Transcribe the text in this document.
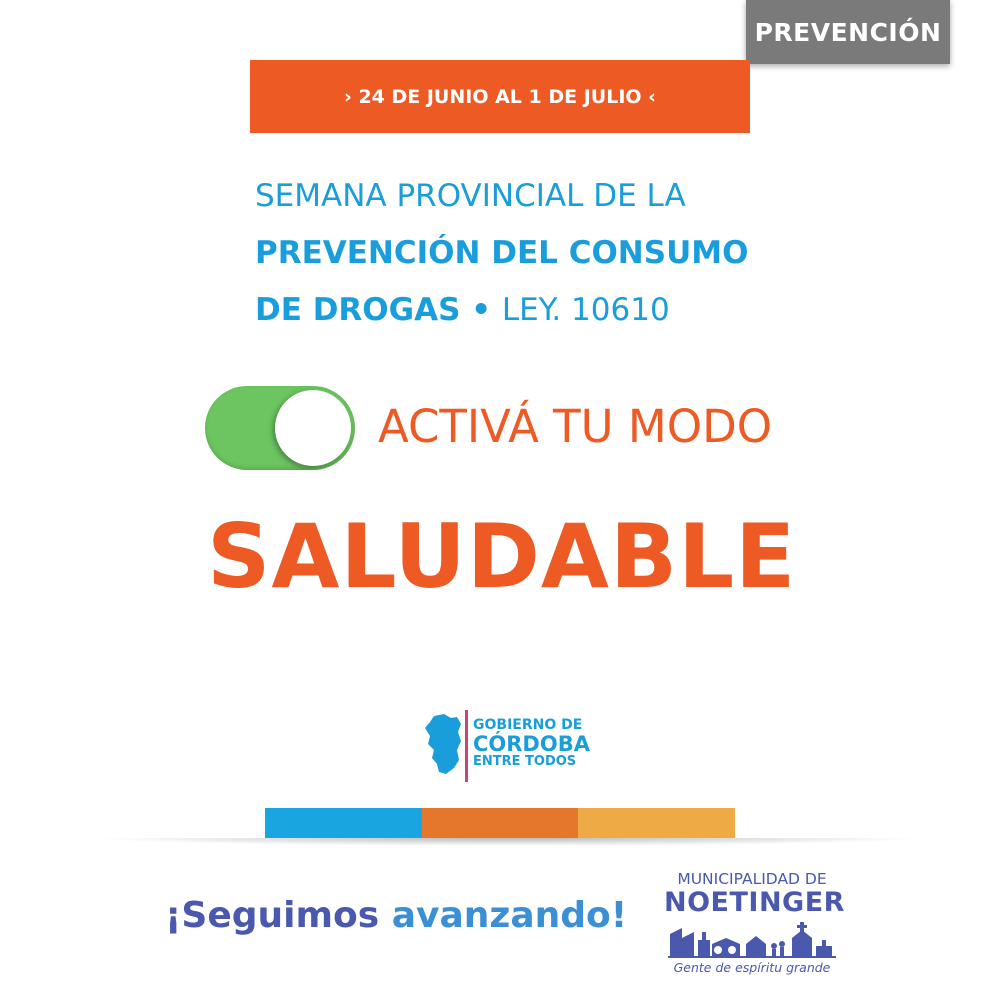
PREVENCIÓN
› 24 DE JUNIO AL 1 DE JULIO ‹
SEMANA PROVINCIAL DE LA
PREVENCIÓN DEL CONSUMO
DE DROGAS • LEY. 10610
ACTIVÁ TU MODO
SALUDABLE
GOBIERNO DE
CÓRDOBA
ENTRE TODOS
¡Seguimos avanzando!
MUNICIPALIDAD DE
NOETINGER
Gente de espíritu grande
